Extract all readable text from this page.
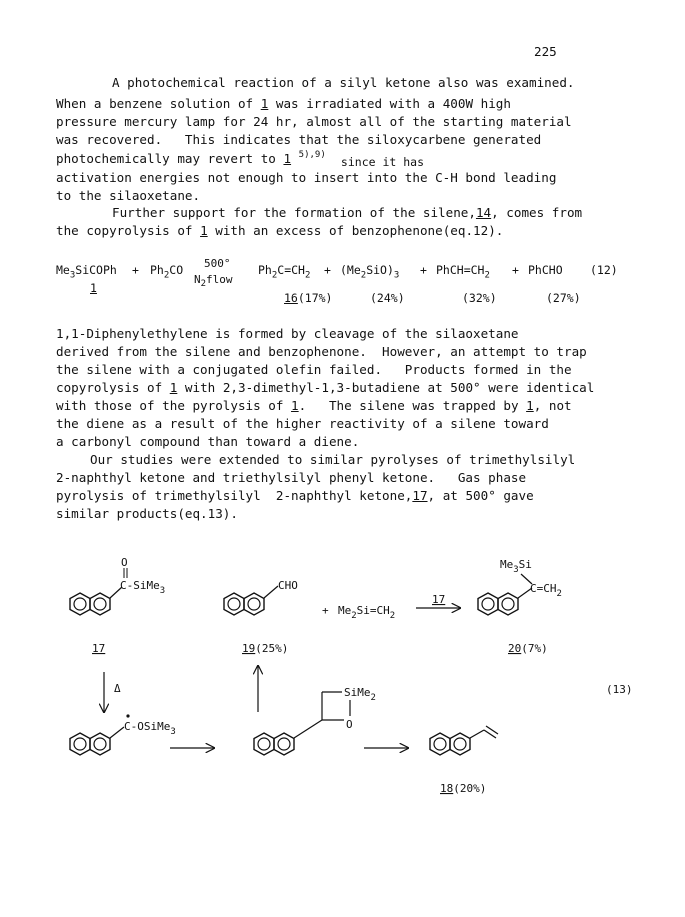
225
A photochemical reaction of a silyl ketone also was examined.
When a benzene solution of 1 was irradiated with a 400W high
pressure mercury lamp for 24 hr, almost all of the starting material
was recovered.   This indicates that the siloxycarbene generated
photochemically may revert to 1 $^{5),9)}$ since it has
activation energies not enough to insert into the C-H bond leading
to the silaoxetane.
Further support for the formation of the silene,14, comes from
the copyrolysis of 1 with an excess of benzophenone(eq.12).
$Me_3SiCOPh + Ph_2CO$ 500°
$N_2flow$
$Ph_2C=CH_2 + (Me_2SiO)_3$ + $PhCH=CH_2$ + PhCHO (12)
1
16(17%)	(24%)	(32%)	(27%)
1,1-Diphenylethylene is formed by cleavage of the silaoxetane
derived from the silene and benzophenone.  However, an attempt to trap
the silene with a conjugated olefin failed.   Products formed in the
copyrolysis of 1 with 2,3-dimethyl-1,3-butadiene at 500° were identical
with those of the pyrolysis of 1.   The silene was trapped by 1, not
the diene as a result of the higher reactivity of a silene toward
a carbonyl compound than toward a diene.
Our studies were extended to similar pyrolyses of trimethylsilyl
2-naphthyl ketone and triethylsilyl phenyl ketone.   Gas phase
pyrolysis of trimethylsilyl  2-naphthyl ketone,17, at 500° gave
similar products(eq.13).
O
C-SiMe$_3$
17
CHO
19(25%)
+ $Me_2Si=CH_2$
17
$Me_3Si$
$C=CH_2$
20(7%)
Δ	(13)
C-OSiMe$_3$
SiMe$_2$
O
18(20%)
